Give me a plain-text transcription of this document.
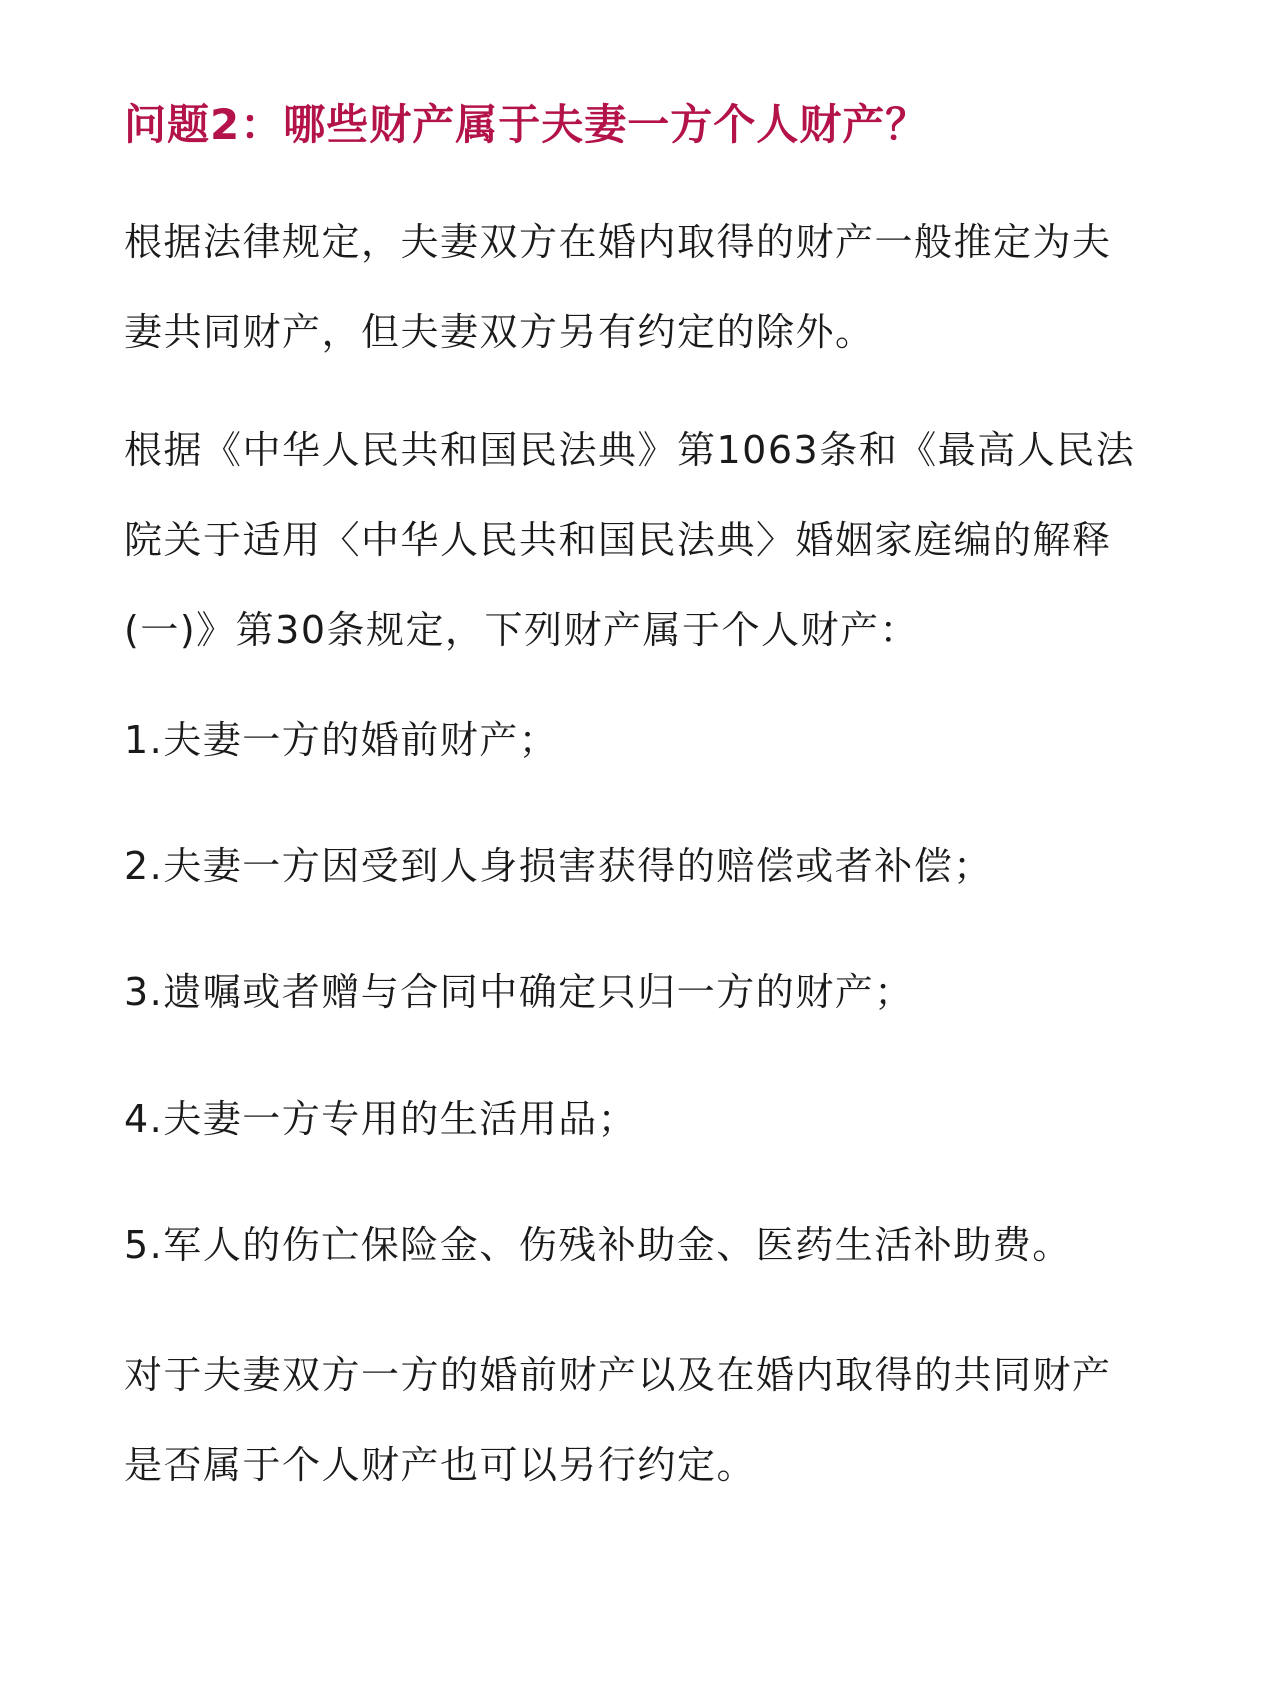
问题2：哪些财产属于夫妻一方个人财产？

根据法律规定，夫妻双方在婚内取得的财产一般推定为夫
妻共同财产，但夫妻双方另有约定的除外。

根据《中华人民共和国民法典》第1063条和《最高人民法
院关于适用〈中华人民共和国民法典〉婚姻家庭编的解释
(一)》第30条规定，下列财产属于个人财产：

1.夫妻一方的婚前财产；

2.夫妻一方因受到人身损害获得的赔偿或者补偿；

3.遗嘱或者赠与合同中确定只归一方的财产；

4.夫妻一方专用的生活用品；

5.军人的伤亡保险金、伤残补助金、医药生活补助费。

对于夫妻双方一方的婚前财产以及在婚内取得的共同财产
是否属于个人财产也可以另行约定。
